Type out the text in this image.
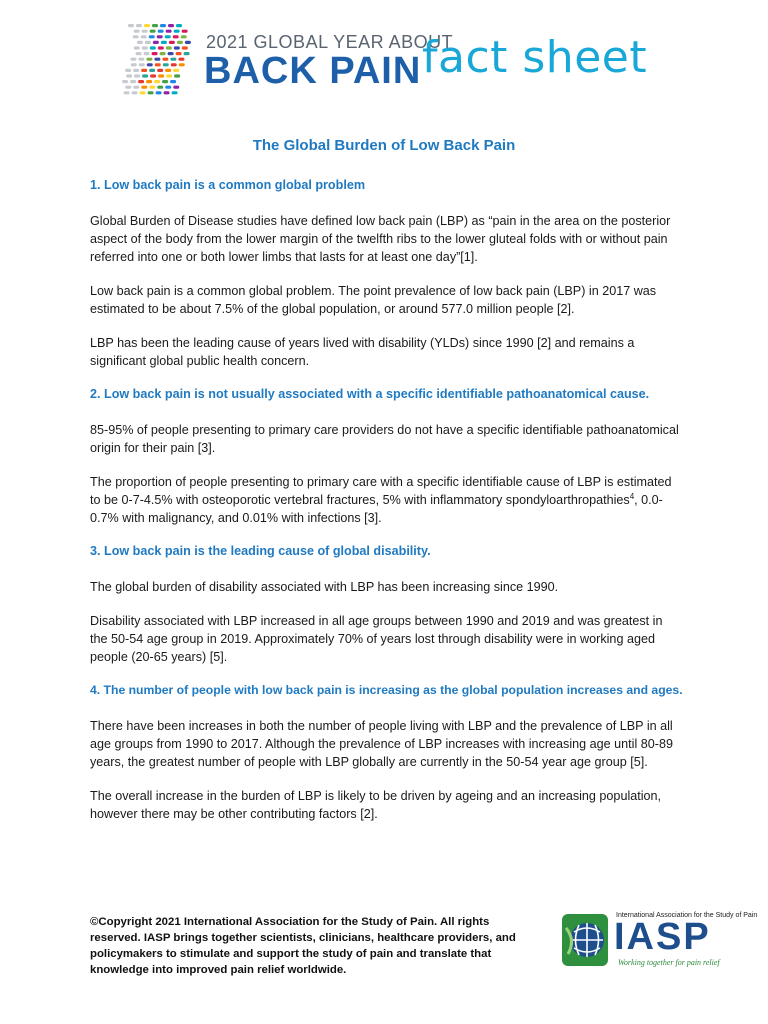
2021 GLOBAL YEAR ABOUT
BACK PAIN fact sheet
The Global Burden of Low Back Pain
1. Low back pain is a common global problem

Global Burden of Disease studies have defined low back pain (LBP) as “pain in the area on the posterior aspect of the body from the lower margin of the twelfth ribs to the lower gluteal folds with or without pain referred into one or both lower limbs that lasts for at least one day”[1].

Low back pain is a common global problem. The point prevalence of low back pain (LBP) in 2017 was estimated to be about 7.5% of the global population, or around 577.0 million people [2].

LBP has been the leading cause of years lived with disability (YLDs) since 1990 [2] and remains a significant global public health concern.

2. Low back pain is not usually associated with a specific identifiable pathoanatomical cause.

85-95% of people presenting to primary care providers do not have a specific identifiable pathoanatomical origin for their pain [3].

The proportion of people presenting to primary care with a specific identifiable cause of LBP is estimated to be 0-7-4.5% with osteoporotic vertebral fractures, 5% with inflammatory spondyloarthropathies$^4$, 0.0-0.7% with malignancy, and 0.01% with infections [3].

3. Low back pain is the leading cause of global disability.

The global burden of disability associated with LBP has been increasing since 1990.

Disability associated with LBP increased in all age groups between 1990 and 2019 and was greatest in the 50-54 age group in 2019. Approximately 70% of years lost through disability were in working aged people (20-65 years) [5].

4. The number of people with low back pain is increasing as the global population increases and ages.

There have been increases in both the number of people living with LBP and the prevalence of LBP in all age groups from 1990 to 2017. Although the prevalence of LBP increases with increasing age until 80-89 years, the greatest number of people with LBP globally are currently in the 50-54 year age group [5].

The overall increase in the burden of LBP is likely to be driven by ageing and an increasing population, however there may be other contributing factors [2].

©Copyright 2021 International Association for the Study of Pain. All rights reserved. IASP brings together scientists, clinicians, healthcare providers, and policymakers to stimulate and support the study of pain and translate that knowledge into improved pain relief worldwide.
International Association for the Study of Pain
IASP
Working together for pain relief
